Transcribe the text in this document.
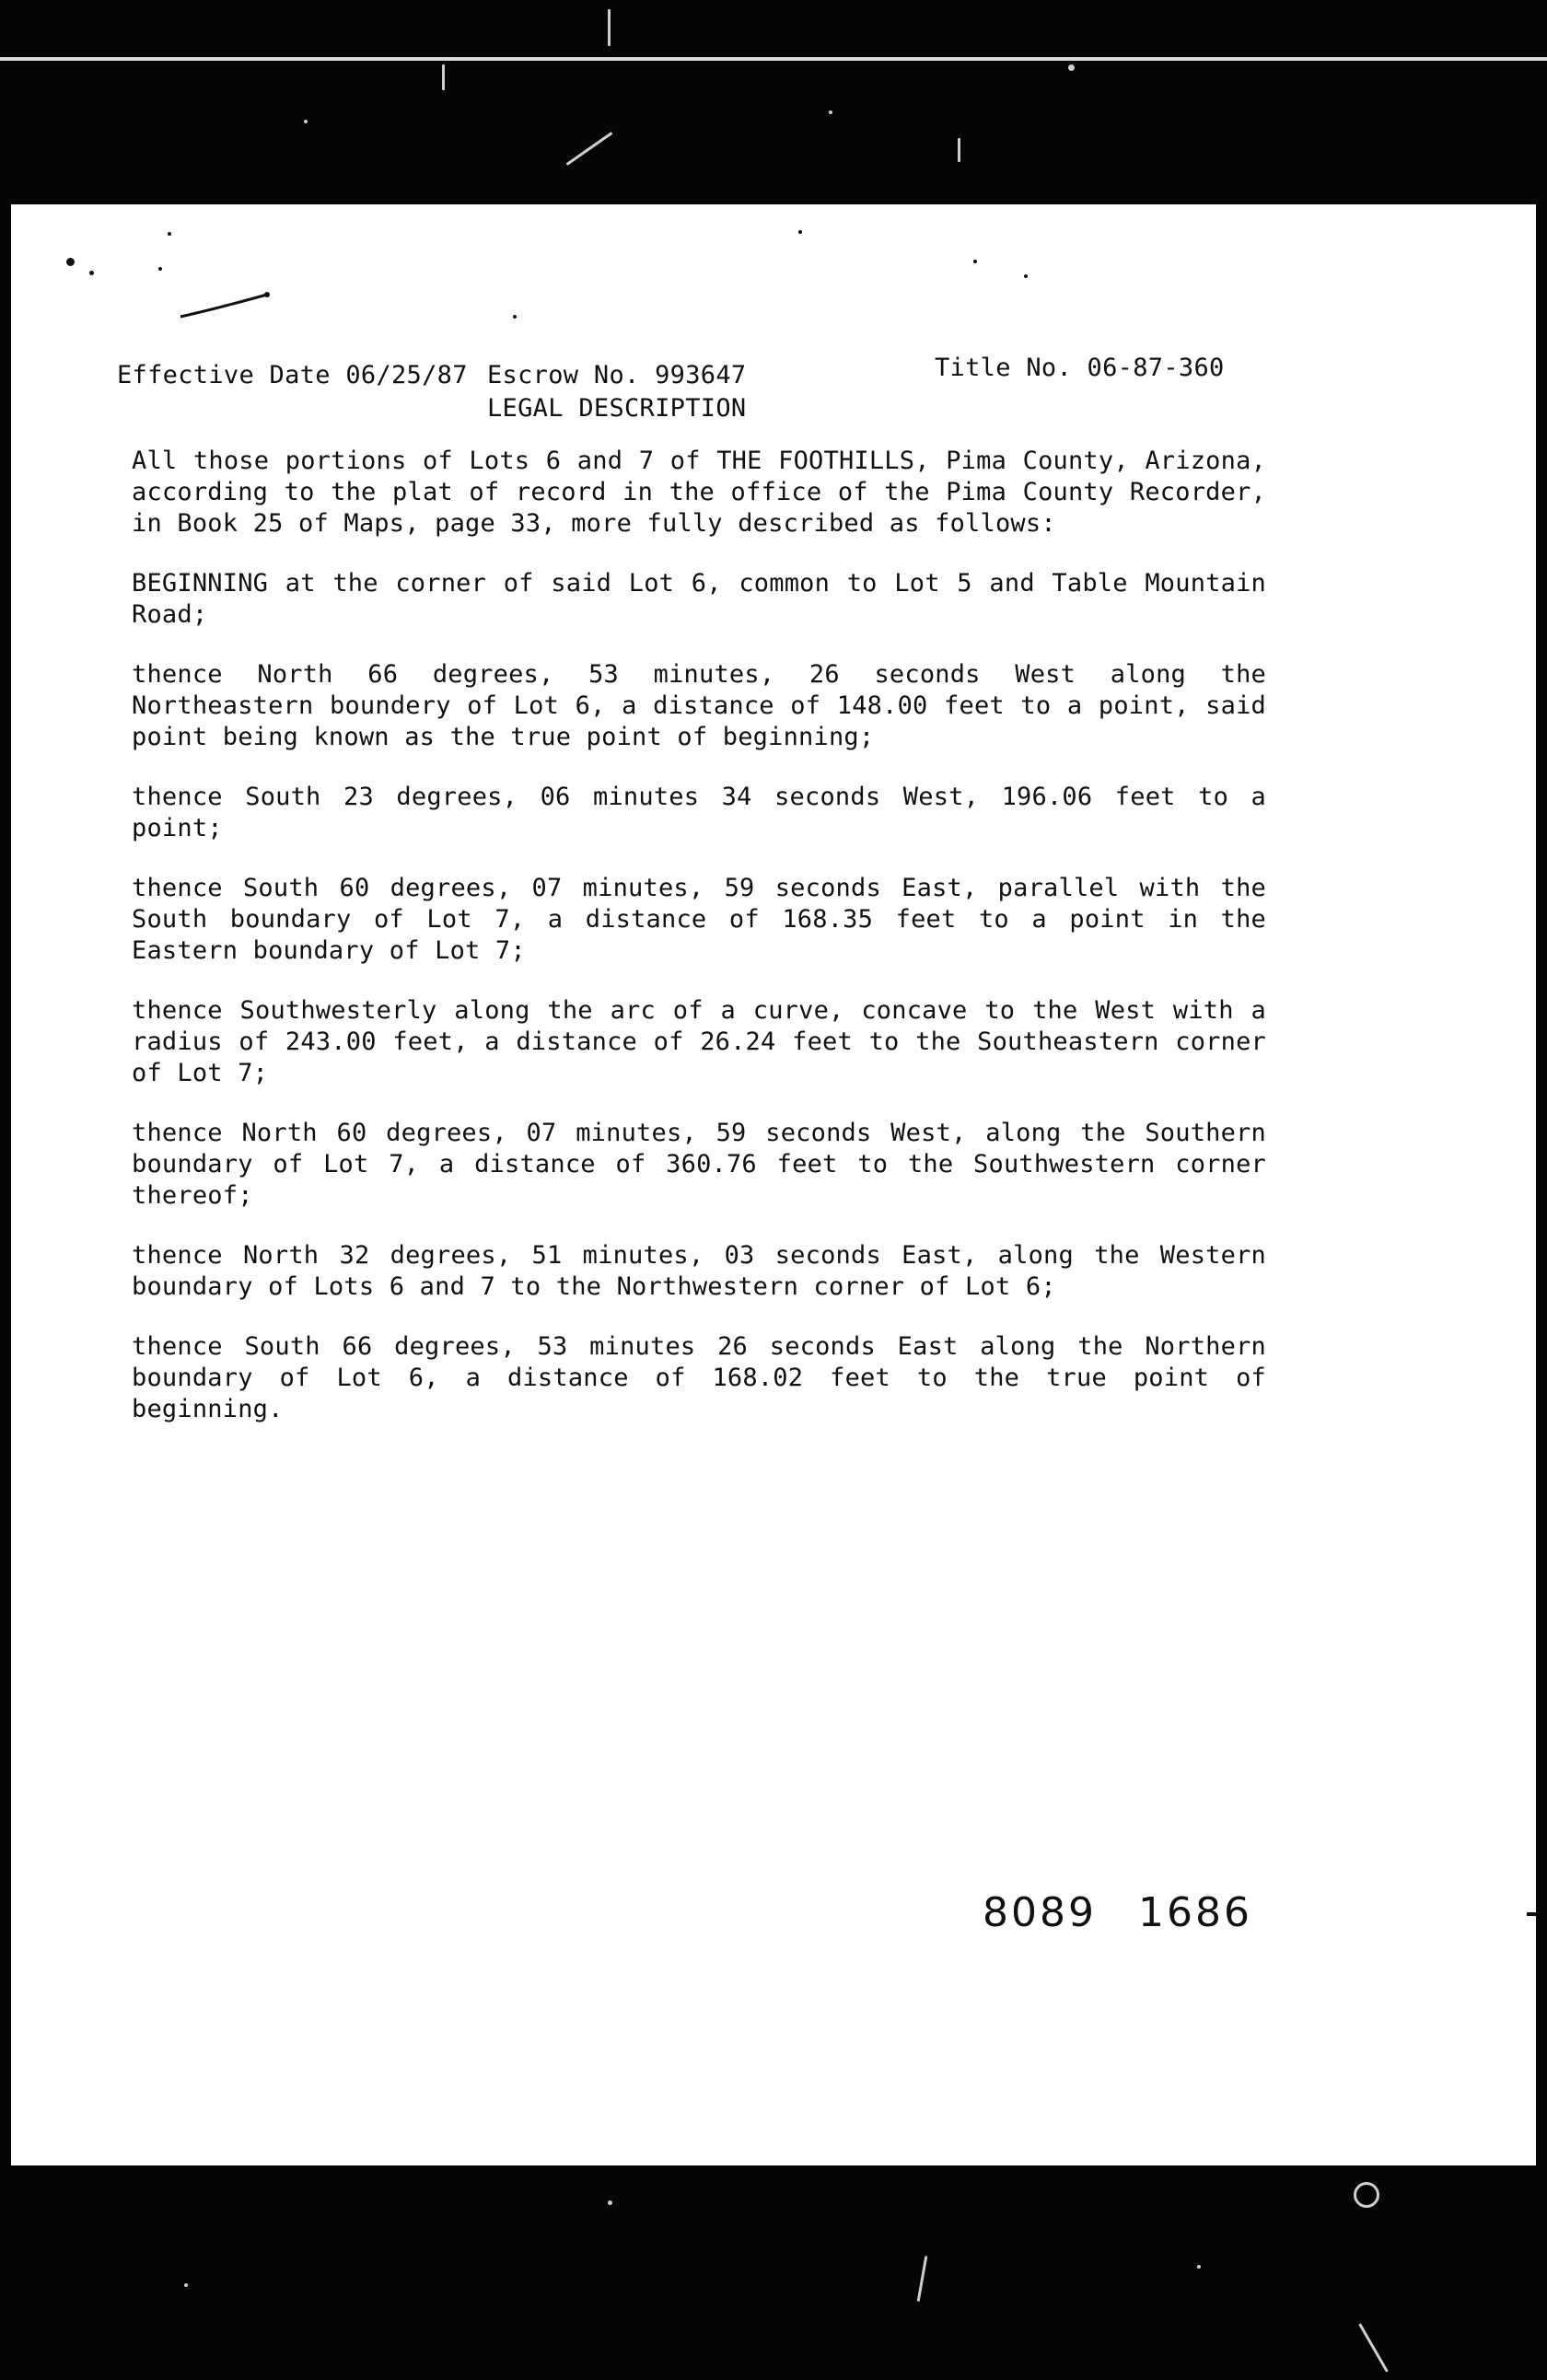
Effective Date 06/25/87 Escrow No. 993647
LEGAL DESCRIPTION
Title No. 06-87-360

All those portions of Lots 6 and 7 of THE FOOTHILLS, Pima County, Arizona, according to the plat of record in the office of the Pima County Recorder, in Book 25 of Maps, page 33, more fully described as follows:

BEGINNING at the corner of said Lot 6, common to Lot 5 and Table Mountain Road;

thence North 66 degrees, 53 minutes, 26 seconds West along the Northeastern boundery of Lot 6, a distance of 148.00 feet to a point, said point being known as the true point of beginning;

thence South 23 degrees, 06 minutes 34 seconds West, 196.06 feet to a point;

thence South 60 degrees, 07 minutes, 59 seconds East, parallel with the South boundary of Lot 7, a distance of 168.35 feet to a point in the Eastern boundary of Lot 7;

thence Southwesterly along the arc of a curve, concave to the West with a radius of 243.00 feet, a distance of 26.24 feet to the Southeastern corner of Lot 7;

thence North 60 degrees, 07 minutes, 59 seconds West, along the Southern boundary of Lot 7, a distance of 360.76 feet to the Southwestern corner thereof;

thence North 32 degrees, 51 minutes, 03 seconds East, along the Western boundary of Lots 6 and 7 to the Northwestern corner of Lot 6;

thence South 66 degrees, 53 minutes 26 seconds East along the Northern boundary of Lot 6, a distance of 168.02 feet to the true point of beginning.

8089 1686
